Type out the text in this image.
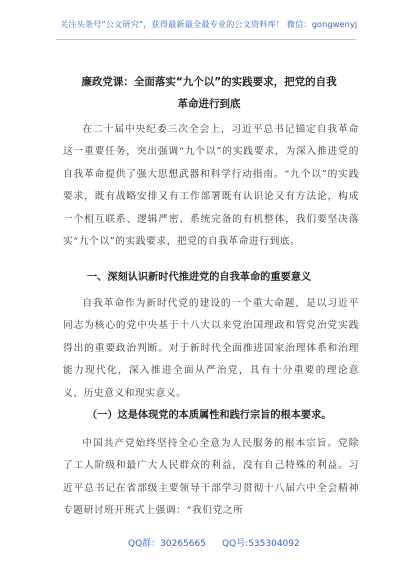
关注头条号“公文研究”，获得最新最全最专业的公文资料库！ 微信：gongwenyj
廉政党课：全面落实“九个以”的实践要求，把党的自我
革命进行到底
在二十届中央纪委三次全会上，习近平总书记锚定自我革命这一重要任务，突出强调“九个以”的实践要求，为深入推进党的自我革命提供了强大思想武器和科学行动指南。“九个以”的实践要求，既有战略安排又有工作部署既有认识论又有方法论，构成一个相互联系、逻辑严密、系统完备的有机整体，我们要坚决落实“九个以”的实践要求，把党的自我革命进行到底。
一、深刻认识新时代推进党的自我革命的重要意义
自我革命作为新时代党的建设的一个重大命题，是以习近平同志为核心的党中央基于十八大以来党治国理政和管党治党实践得出的重要政治判断。对于新时代全面推进国家治理体系和治理能力现代化，深入推进全面从严治党，具有十分重要的理论意义、历史意义和现实意义。
（一）这是体现党的本质属性和践行宗旨的根本要求。
中国共产党始终坚持全心全意为人民服务的根本宗旨。党除了工人阶级和最广大人民群众的利益，没有自己特殊的利益。习近平总书记在省部级主要领导干部学习贯彻十八届六中全会精神专题研讨班开班式上强调：“我们党之所
QQ群：30265665 QQ号:535304092
